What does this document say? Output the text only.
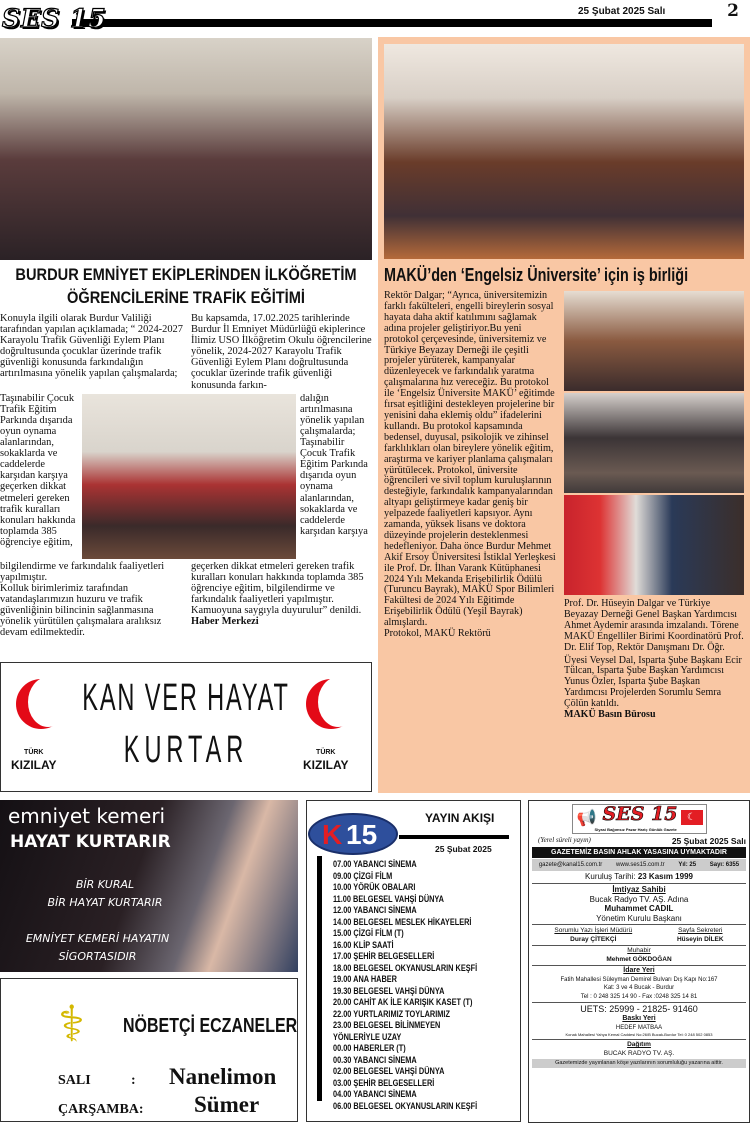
SES 15	25 Şubat 2025 Salı	2
BURDUR EMNİYET EKİPLERİNDEN İLKÖĞRETİM
ÖĞRENCİLERİNE TRAFİK EĞİTİMİ
Konuyla ilgili olarak Burdur Valiliği tarafından yapılan açıklamada; “ 2024-2027 Karayolu Trafik Güvenliği Eylem Planı doğrultusunda çocuklar üzerinde trafik güvenliği konusunda farkındalığın artırılmasına yönelik yapılan çalışmalarda;
Bu kapsamda, 17.02.2025 tarihlerinde Burdur İl Emniyet Müdürlüğü ekiplerince İlimiz USO İlköğretim Okulu öğrencilerine yönelik, 2024-2027 Karayolu Trafik Güvenliği Eylem Planı doğrultusunda çocuklar üzerinde trafik güvenliği konusunda farkın-
Taşınabilir Çocuk Trafik Eğitim Parkında dışarıda oyun oynama alanlarından, sokaklarda ve caddelerde karşıdan karşıya geçerken dikkat etmeleri gereken trafik kuralları konuları hakkında toplamda 385 öğrenciye eğitim,
dalığın artırılmasına yönelik yapılan çalışmalarda; Taşınabilir Çocuk Trafik Eğitim Parkında dışarıda oyun oynama alanlarından, sokaklarda ve caddelerde karşıdan karşıya

bilgilendirme ve farkındalık faaliyetleri yapılmıştır.

Kolluk birimlerimiz tarafından vatandaşlarımızın huzuru ve trafik güvenliğinin bilincinin sağlanmasına yönelik yürütülen çalışmalara aralıksız devam edilmektedir.

geçerken dikkat etmeleri gereken trafik kuralları konuları hakkında toplamda 385 öğrenciye eğitim, bilgilendirme ve farkındalık faaliyetleri yapılmıştır. Kamuoyuna saygıyla duyurulur” denildi.

Haber Merkezi

TÜRK
KIZILAY
TÜRK
KIZILAY
KAN VER HAYAT
KURTAR
MAKÜ’den ‘Engelsiz Üniversite’ için iş birliği

Rektör Dalgar; “Ayrıca, üniversitemizin farklı fakülteleri, engelli bireylerin sosyal hayata daha aktif katılımını sağlamak adına projeler geliştiriyor.Bu yeni protokol çerçevesinde, üniversitemiz ve Türkiye Beyazay Derneği ile çeşitli projeler yürüterek, kampanyalar düzenleyecek ve farkındalık yaratma çalışmalarına hız vereceğiz. Bu protokol ile ‘Engelsiz Üniversite MAKÜ’ eğitimde fırsat eşitliğini destekleyen projelerine bir yenisini daha eklemiş oldu” ifadelerini kullandı. Bu protokol kapsamında bedensel, duyusal, psikolojik ve zihinsel farklılıkları olan bireylere yönelik eğitim, araştırma ve kariyer planlama çalışmaları yürütülecek. Protokol, üniversite öğrencileri ve sivil toplum kuruluşlarının desteğiyle, farkındalık kampanyalarından altyapı geliştirmeye kadar geniş bir yelpazede faaliyetleri kapsıyor. Aynı zamanda, yüksek lisans ve doktora düzeyinde projelerin desteklenmesi hedefleniyor. Daha önce Burdur Mehmet Akif Ersoy Üniversitesi İstiklal Yerleşkesi ile Prof. Dr. İlhan Varank Kütüphanesi 2024 Yılı Mekanda Erişebilirlik Ödülü (Turuncu Bayrak), MAKÜ Spor Bilimleri Fakültesi de 2024 Yılı Eğitimde Erişebilirlik Ödülü (Yeşil Bayrak) almışlardı.

Protokol, MAKÜ Rektörü

Prof. Dr. Hüseyin Dalgar ve Türkiye Beyazay Derneği Genel Başkan Yardımcısı Ahmet Aydemir arasında imzalandı. Törene MAKÜ Engelliler Birimi Koordinatörü Prof. Dr. Elif Top, Rektör Danışmanı Dr. Öğr.

Üyesi Veysel Dal, Isparta Şube Başkanı Ecir Tülcan, Isparta Şube Başkan Yardımcısı Yunus Özler, Isparta Şube Başkan Yardımcısı Projelerden Sorumlu Semra Çölün katıldı.

MAKÜ Basın Bürosu

emniyet kemeri
HAYAT KURTARIR
BİR KURAL
BİR HAYAT KURTARIR
EMNİYET KEMERİ HAYATIN
SİGORTASIDIR
⚕	NÖBETÇİ ECZANELER
SALI	: Nanelimon
ÇARŞAMBA: Sümer
K 15
YAYIN AKIŞI
25 Şubat 2025
07.00 YABANCI SİNEMA
09.00 ÇİZGİ FİLM
10.00 YÖRÜK OBALARI
11.00 BELGESEL VAHŞİ DÜNYA
12.00 YABANCI SİNEMA
14.00 BELGESEL MESLEK HİKAYELERİ
15.00 ÇİZGİ FİLM (T)
16.00 KLİP SAATİ
17.00 ŞEHİR BELGESELLERİ
18.00 BELGESEL OKYANUSLARIN KEŞFİ
19.00 ANA HABER
19.30 BELGESEL VAHŞİ DÜNYA
20.00 CAHİT AK İLE KARIŞIK KASET (T)
22.00 YURTLARIMIZ TOYLARIMIZ
23.00 BELGESEL BİLİNMEYEN
YÖNLERİYLE UZAY
00.00 HABERLER (T)
00.30 YABANCI SİNEMA
02.00 BELGESEL VAHŞİ DÜNYA
03.00 ŞEHİR BELGESELLERİ
04.00 YABANCI SİNEMA
06.00 BELGESEL OKYANUSLARIN KEŞFİ
📢 SES 15 ☾
Siyasi Bağımsız Pazar Hariç Günlük Gazete
(Yerel süreli yayın)	25 Şubat 2025 Salı
GAZETEMİZ BASIN AHLAK YASASINA UYMAKTADIR
gazete@kanal15.com.tr www.ses15.com.tr Yıl: 25 Sayı: 6355
Kuruluş Tarihi: 23 Kasım 1999
İmtiyaz Sahibi
Bucak Radyo TV. AŞ. Adına
Muhammet CADIL
Yönetim Kurulu Başkanı
Sorumlu Yazı İşleri Müdürü
Duray ÇİTEKÇİ
Sayfa Sekreteri
Hüseyin DİLEK
Muhabir
Mehmet GÖKDOĞAN
İdare Yeri
Fatih Mahallesi Süleyman Demirel Bulvarı Dış Kapı No:167
Kat: 3 ve 4 Bucak - Burdur
Tel : 0 248 325 14 90 - Fax :0248 325 14 81
UETS: 25999 - 21825- 91460
Baskı Yeri
HEDEF MATBAA
Konak Mahallesi Yahya Kemal Caddesi No:26/B Bucak-Burdur Tel: 0 248 502 0853
Dağıtım
BUCAK RADYO TV. AŞ.
Gazetemizde yayınlanan köşe yazılarının sorumluluğu yazarına aittir.
